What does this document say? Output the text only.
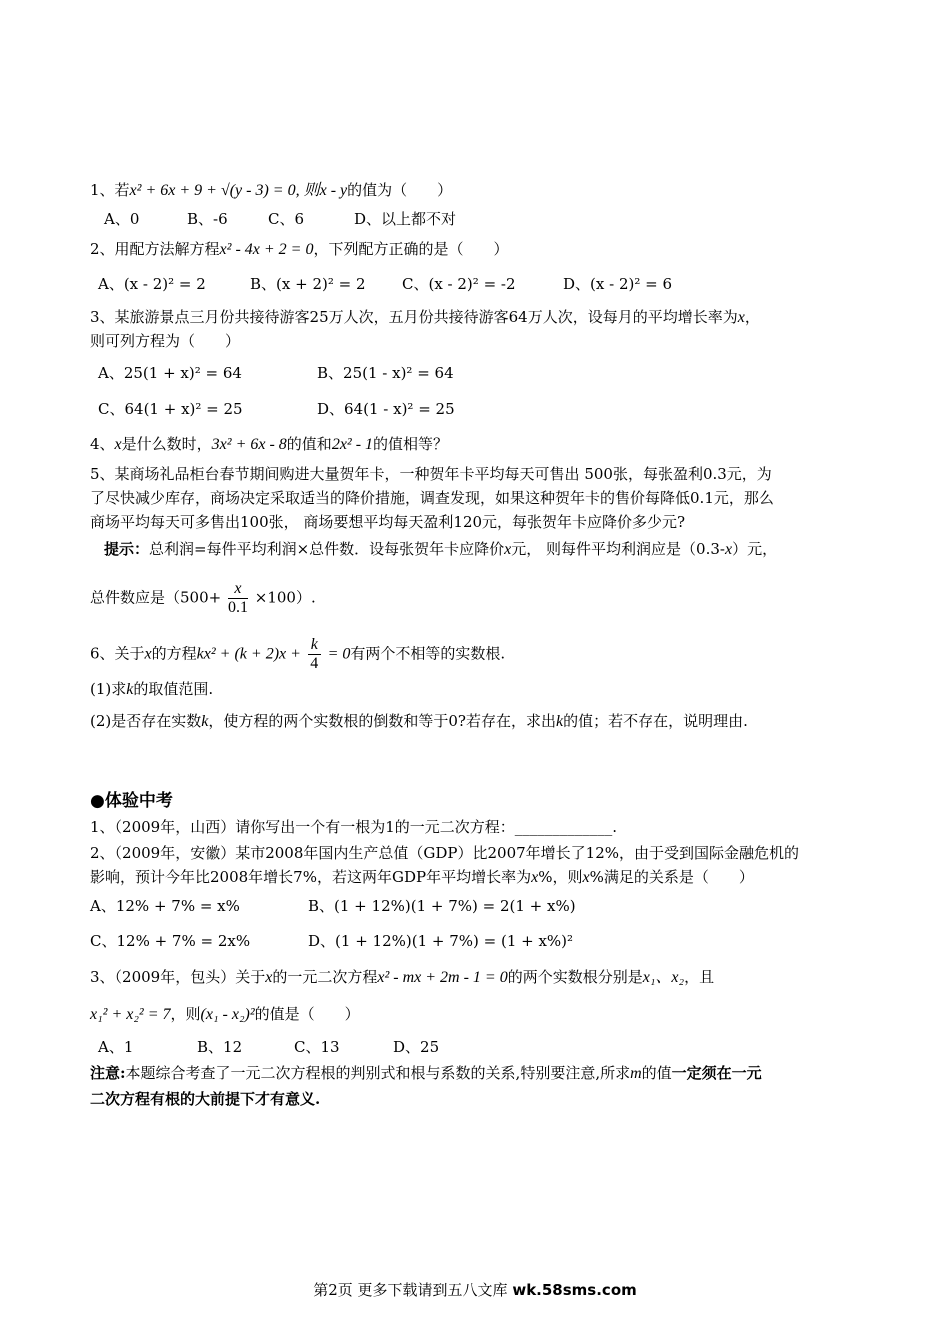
1、若x² + 6x + 9 + √(y - 3) = 0, 则x - y的值为（　　）
A、0	B、-6	C、6	D、以上都不对
2、用配方法解方程x² - 4x + 2 = 0，下列配方正确的是（　　）
A、(x - 2)² = 2	B、(x + 2)² = 2 C、(x - 2)² = -2	D、(x - 2)² = 6
3、某旅游景点三月份共接待游客25万人次，五月份共接待游客64万人次，设每月的平均增长率为x，
则可列方程为（　　）
A、25(1 + x)² = 64	B、25(1 - x)² = 64
C、64(1 + x)² = 25	D、64(1 - x)² = 25
4、x是什么数时，3x² + 6x - 8的值和2x² - 1的值相等？
5、某商场礼品柜台春节期间购进大量贺年卡，一种贺年卡平均每天可售出 500张，每张盈利0.3元，为
了尽快减少库存，商场决定采取适当的降价措施，调查发现，如果这种贺年卡的售价每降低0.1元，那么
商场平均每天可多售出100张， 商场要想平均每天盈利120元，每张贺年卡应降价多少元?
提示：总利润=每件平均利润×总件数．设每张贺年卡应降价x元， 则每件平均利润应是（0.3-x）元，
总件数应是$(500+ \frac{x}{0.1} \times 100)$.
6、关于x的方程$kx^2 + (k + 2)x + \frac{k}{4} = 0$有两个不相等的实数根.
(1)求k的取值范围.
(2)是否存在实数k，使方程的两个实数根的倒数和等于0?若存在，求出k的值；若不存在，说明理由.
●体验中考
1、（2009年，山西）请你写出一个有一根为1的一元二次方程：_____________.
2、（2009年，安徽）某市2008年国内生产总值（GDP）比2007年增长了12%，由于受到国际金融危机的
影响，预计今年比2008年增长7%，若这两年GDP年平均增长率为x%，则x%满足的关系是（　　）
A、12% + 7% = x%	B、(1 + 12%)(1 + 7%) = 2(1 + x%)
C、12% + 7% = 2x%	D、(1 + 12%)(1 + 7%) = (1 + x%)²
3、（2009年，包头）关于x的一元二次方程x² - mx + 2m - 1 = 0的两个实数根分别是x₁、x₂，且
x₁² + x₂² = 7，则(x₁ - x₂)²的值是（　　）
A、1	B、12	C、13	D、25
注意:本题综合考查了一元二次方程根的判别式和根与系数的关系,特别要注意,所求m的值一定须在一元
二次方程有根的大前提下才有意义.
第2页 更多下载请到五八文库 wk.58sms.com
